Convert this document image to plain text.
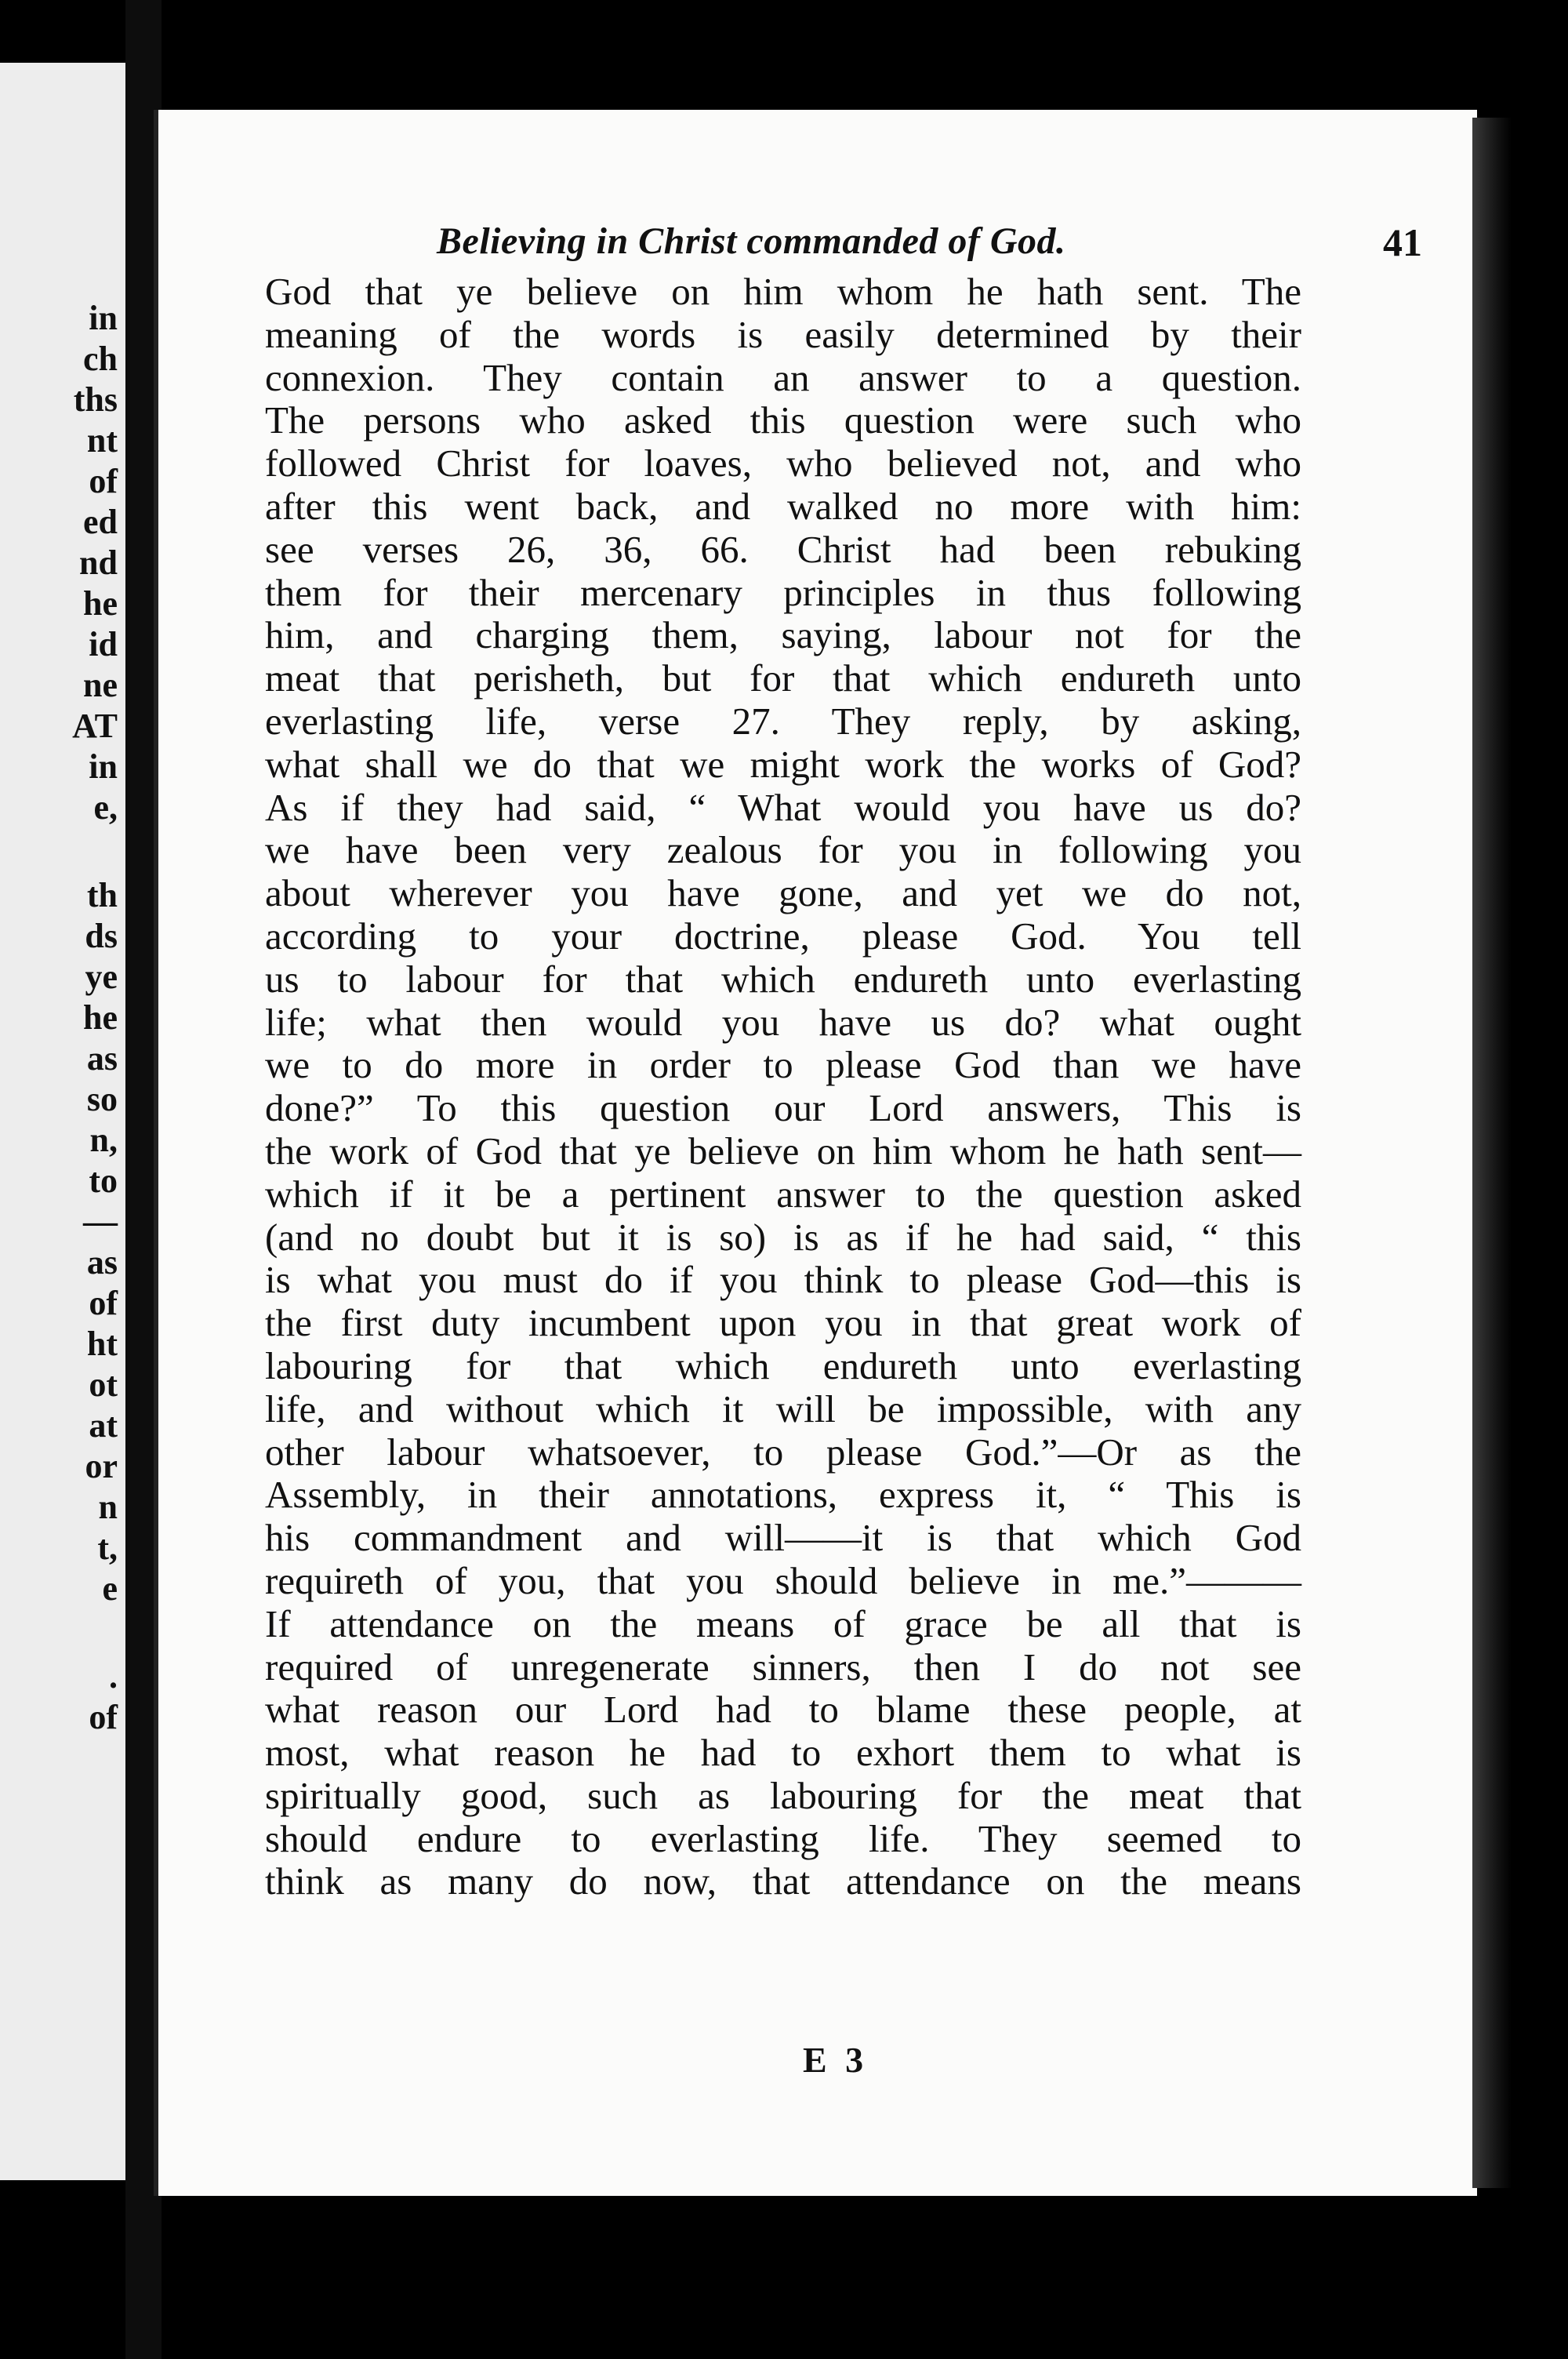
in
ch
ths
nt
of
ed
nd
he
id
ne
AT
in
e,
th
ds
ye
he
as
so
n,
to
—
as
of
ht
ot
at
or
n
t,
e
.
of
Believing in Christ commanded of God.	41
God that ye believe on him whom he hath sent. The
meaning of the words is easily determined by their
connexion. They contain an answer to a question.
The persons who asked this question were such who
followed Christ for loaves, who believed not, and who
after this went back, and walked no more with him:
see verses 26, 36, 66. Christ had been rebuking
them for their mercenary principles in thus following
him, and charging them, saying, labour not for the
meat that perisheth, but for that which endureth unto
everlasting life, verse 27. They reply, by asking,
what shall we do that we might work the works of God?
As if they had said, “ What would you have us do?
we have been very zealous for you in following you
about wherever you have gone, and yet we do not,
according to your doctrine, please God. You tell
us to labour for that which endureth unto everlasting
life; what then would you have us do? what ought
we to do more in order to please God than we have
done?” To this question our Lord answers, This is
the work of God that ye believe on him whom he hath sent—
which if it be a pertinent answer to the question asked
(and no doubt but it is so) is as if he had said, “ this
is what you must do if you think to please God—this is
the first duty incumbent upon you in that great work of
labouring for that which endureth unto everlasting
life, and without which it will be impossible, with any
other labour whatsoever, to please God.”—Or as the
Assembly, in their annotations, express it, “ This is
his commandment and will——it is that which God
requireth of you, that you should believe in me.”———
If attendance on the means of grace be all that is
required of unregenerate sinners, then I do not see
what reason our Lord had to blame these people, at
most, what reason he had to exhort them to what is
spiritually good, such as labouring for the meat that
should endure to everlasting life. They seemed to
think as many do now, that attendance on the means
E 3
